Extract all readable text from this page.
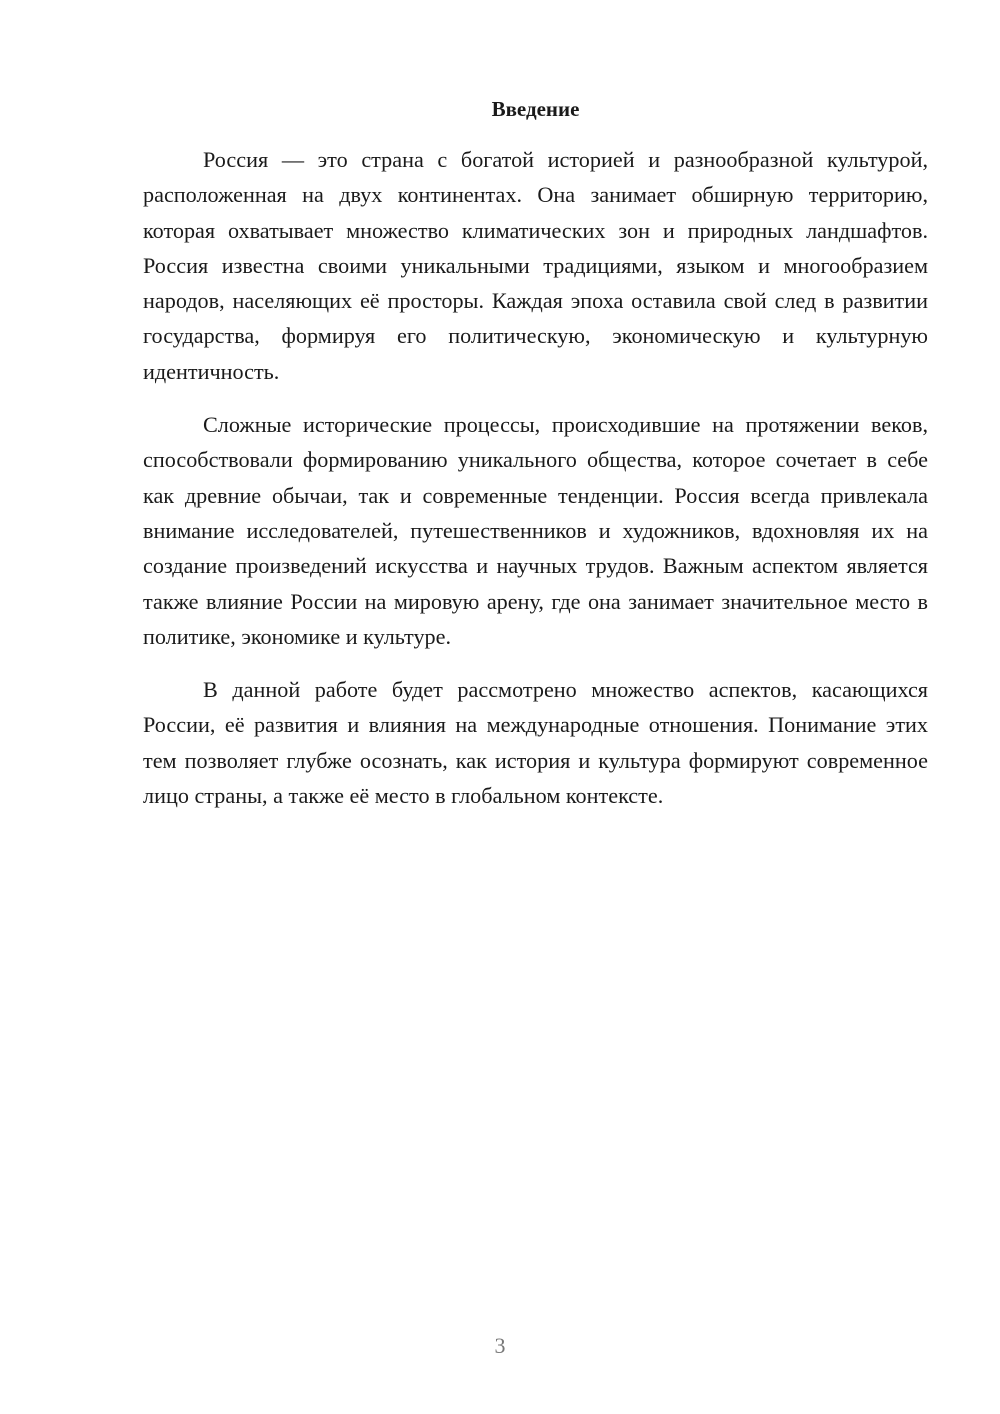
Введение

Россия — это страна с богатой историей и разнообразной культурой, расположенная на двух континентах. Она занимает обширную территорию, которая охватывает множество климатических зон и природных ландшафтов. Россия известна своими уникальными традициями, языком и многообразием народов, населяющих её просторы. Каждая эпоха оставила свой след в развитии государства, формируя его политическую, экономическую и культурную идентичность.

Сложные исторические процессы, происходившие на протяжении веков, способствовали формированию уникального общества, которое сочетает в себе как древние обычаи, так и современные тенденции. Россия всегда привлекала внимание исследователей, путешественников и художников, вдохновляя их на создание произведений искусства и научных трудов. Важным аспектом является также влияние России на мировую арену, где она занимает значительное место в политике, экономике и культуре.

В данной работе будет рассмотрено множество аспектов, касающихся России, её развития и влияния на международные отношения. Понимание этих тем позволяет глубже осознать, как история и культура формируют современное лицо страны, а также её место в глобальном контексте.

3
